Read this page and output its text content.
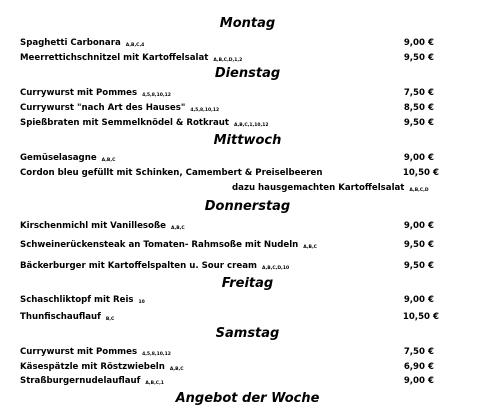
Montag
Spaghetti Carbonara A,B,C,4	9,00 €
Meerrettichschnitzel mit Kartoffelsalat A,B,C,D,1,2	9,50 €
Dienstag
Currywurst mit Pommes 4,5,8,10,12	7,50 €
Currywurst "nach Art des Hauses" 4,5,8,10,12	8,50 €
Spießbraten mit Semmelknödel & Rotkraut A,B,C,1,10,12	9,50 €
Mittwoch
Gemüselasagne A,B,C	9,00 €
Cordon bleu gefüllt mit Schinken, Camembert & Preiselbeeren	10,50 €
dazu hausgemachten Kartoffelsalat A,B,C,D
Donnerstag
Kirschenmichl mit Vanillesoße A,B,C	9,00 €
Schweinerückensteak an Tomaten- Rahmsoße mit Nudeln A,B,C	9,50 €
Bäckerburger mit Kartoffelspalten u. Sour cream A,B,C,D,10	9,50 €
Freitag
Schaschliktopf mit Reis 10	9,00 €
Thunfischauflauf B,C	10,50 €
Samstag
Currywurst mit Pommes 4,5,8,10,12	7,50 €
Käsespätzle mit Röstzwiebeln A,B,C	6,90 €
Straßburgernudelauflauf A,B,C,1	9,00 €
Angebot der Woche
